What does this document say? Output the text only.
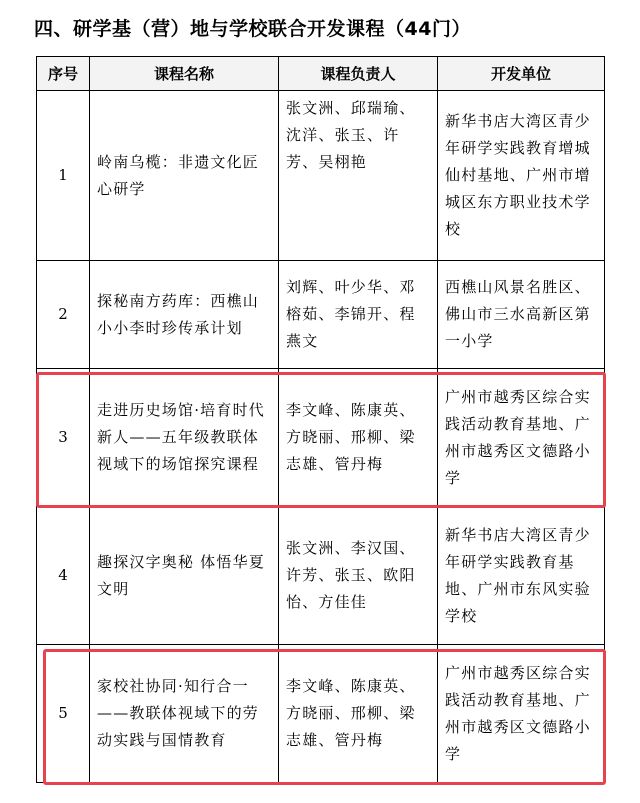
四、研学基（营）地与学校联合开发课程（44门）
序号	课程名称	课程负责人	开发单位
1	岭南乌榄：非遗文化匠心研学	张文洲、邱瑞瑜、沈洋、张玉、许芳、吴栩艳	新华书店大湾区青少年研学实践教育增城仙村基地、广州市增城区东方职业技术学校
2	探秘南方药库：西樵山小小李时珍传承计划	刘辉、叶少华、邓榕茹、李锦开、程燕文	西樵山风景名胜区、佛山市三水高新区第一小学
3	走进历史场馆·培育时代新人——五年级教联体视域下的场馆探究课程	李文峰、陈康英、方晓丽、邢柳、梁志雄、管丹梅	广州市越秀区综合实践活动教育基地、广州市越秀区文德路小学
4	趣探汉字奥秘 体悟华夏文明	张文洲、李汉国、许芳、张玉、欧阳怡、方佳佳	新华书店大湾区青少年研学实践教育基地、广州市东风实验学校
5	家校社协同·知行合一——教联体视域下的劳动实践与国情教育	李文峰、陈康英、方晓丽、邢柳、梁志雄、管丹梅	广州市越秀区综合实践活动教育基地、广州市越秀区文德路小学
